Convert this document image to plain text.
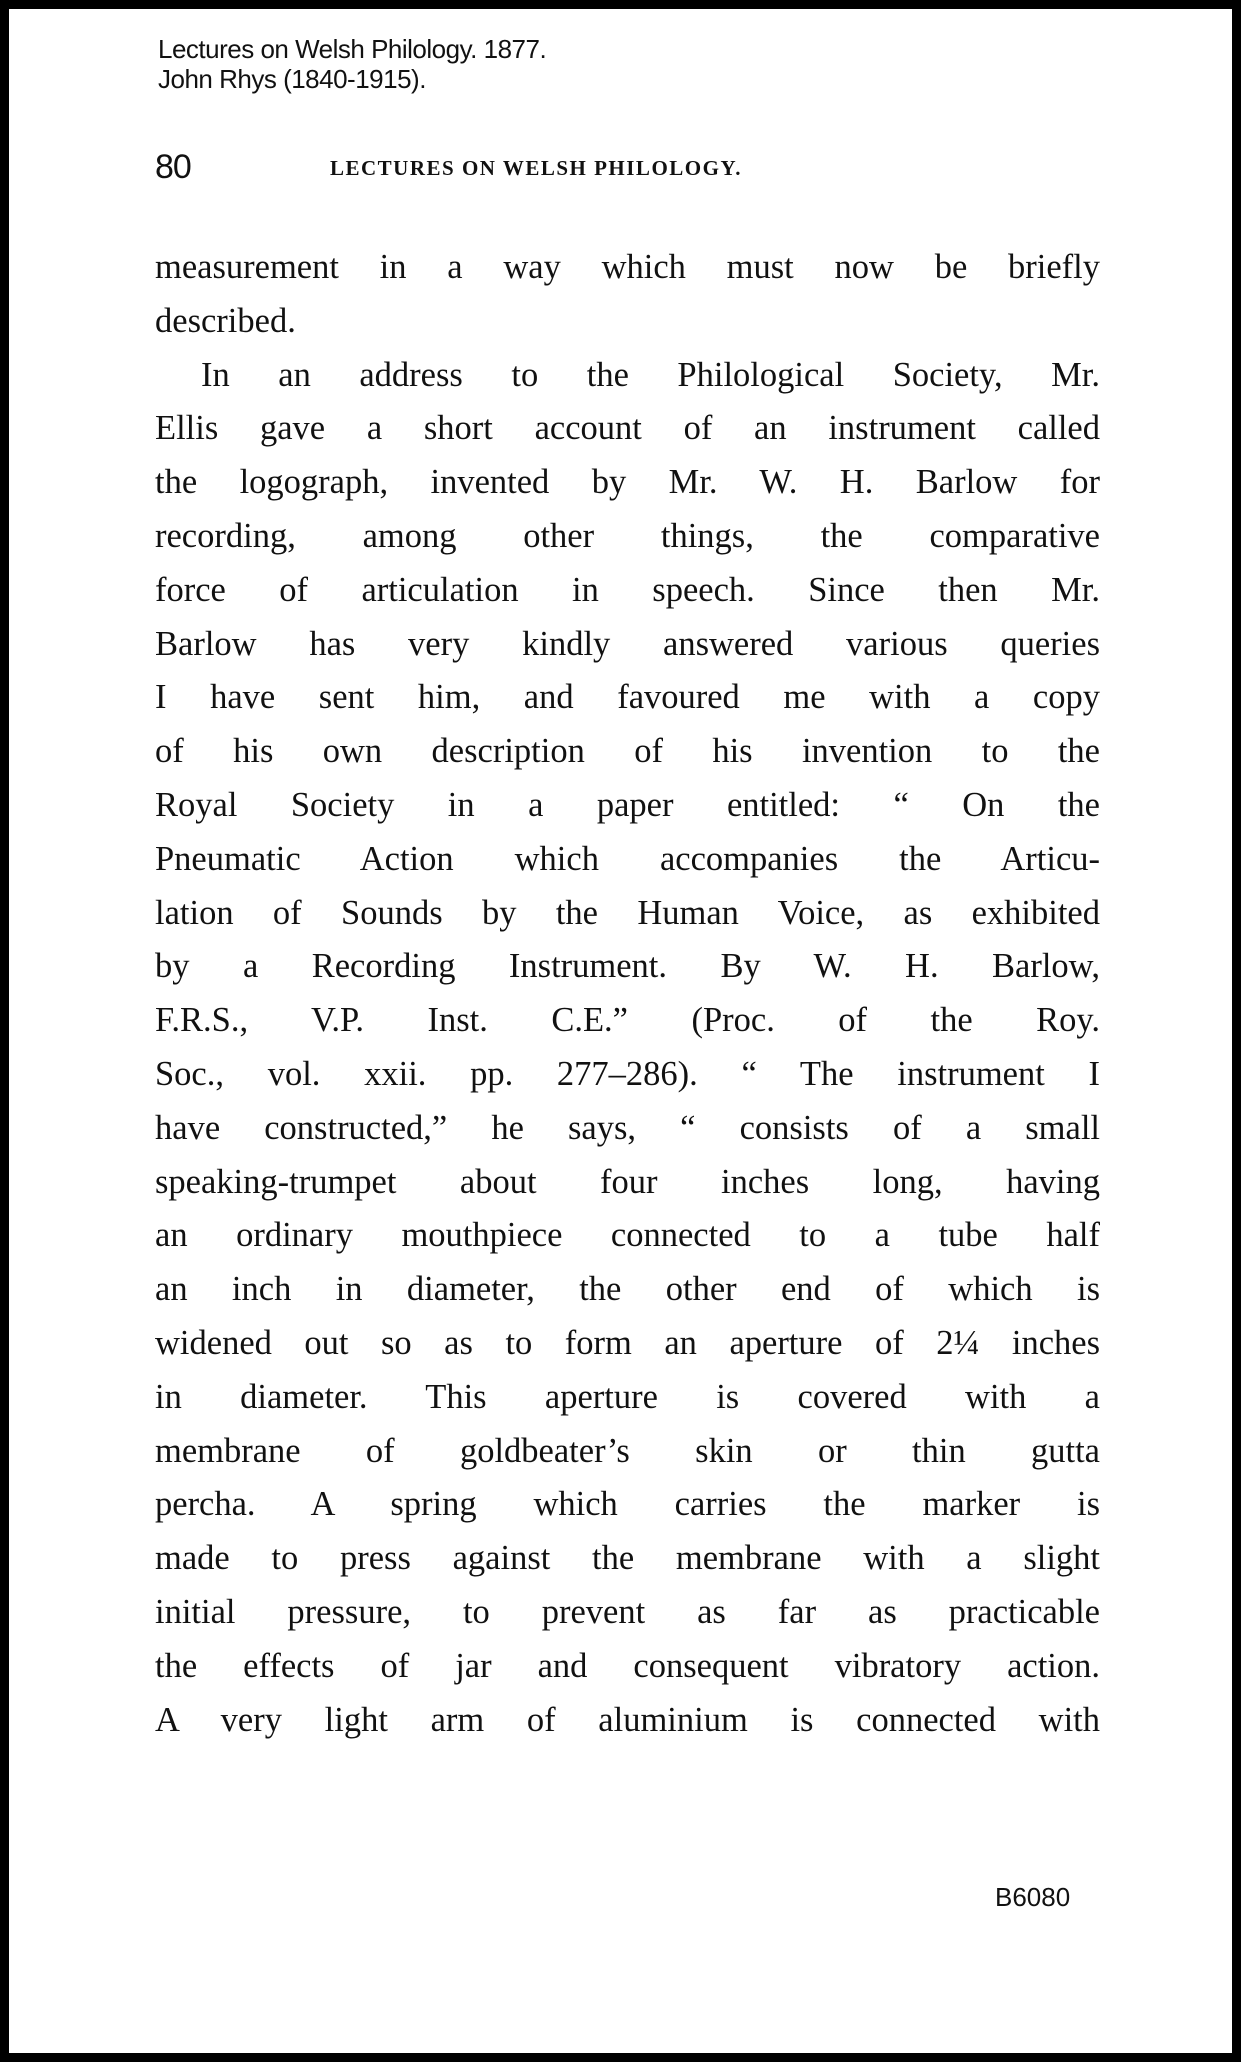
Lectures on Welsh Philology. 1877.
John Rhys (1840-1915).
80	LECTURES ON WELSH PHILOLOGY.
measurement in a way which must now be briefly
described.
In an address to the Philological Society, Mr.
Ellis gave a short account of an instrument called
the logograph, invented by Mr. W. H. Barlow for
recording, among other things, the comparative
force of articulation in speech. Since then Mr.
Barlow has very kindly answered various queries
I have sent him, and favoured me with a copy
of his own description of his invention to the
Royal Society in a paper entitled: “ On the
Pneumatic Action which accompanies the Articu-
lation of Sounds by the Human Voice, as exhibited
by a Recording Instrument. By W. H. Barlow,
F.R.S., V.P. Inst. C.E.” (Proc. of the Roy.
Soc., vol. xxii. pp. 277–286). “ The instrument I
have constructed,” he says, “ consists of a small
speaking-trumpet about four inches long, having
an ordinary mouthpiece connected to a tube half
an inch in diameter, the other end of which is
widened out so as to form an aperture of 2¼ inches
in diameter. This aperture is covered with a
membrane of goldbeater’s skin or thin gutta
percha. A spring which carries the marker is
made to press against the membrane with a slight
initial pressure, to prevent as far as practicable
the effects of jar and consequent vibratory action.
A very light arm of aluminium is connected with
B6080
